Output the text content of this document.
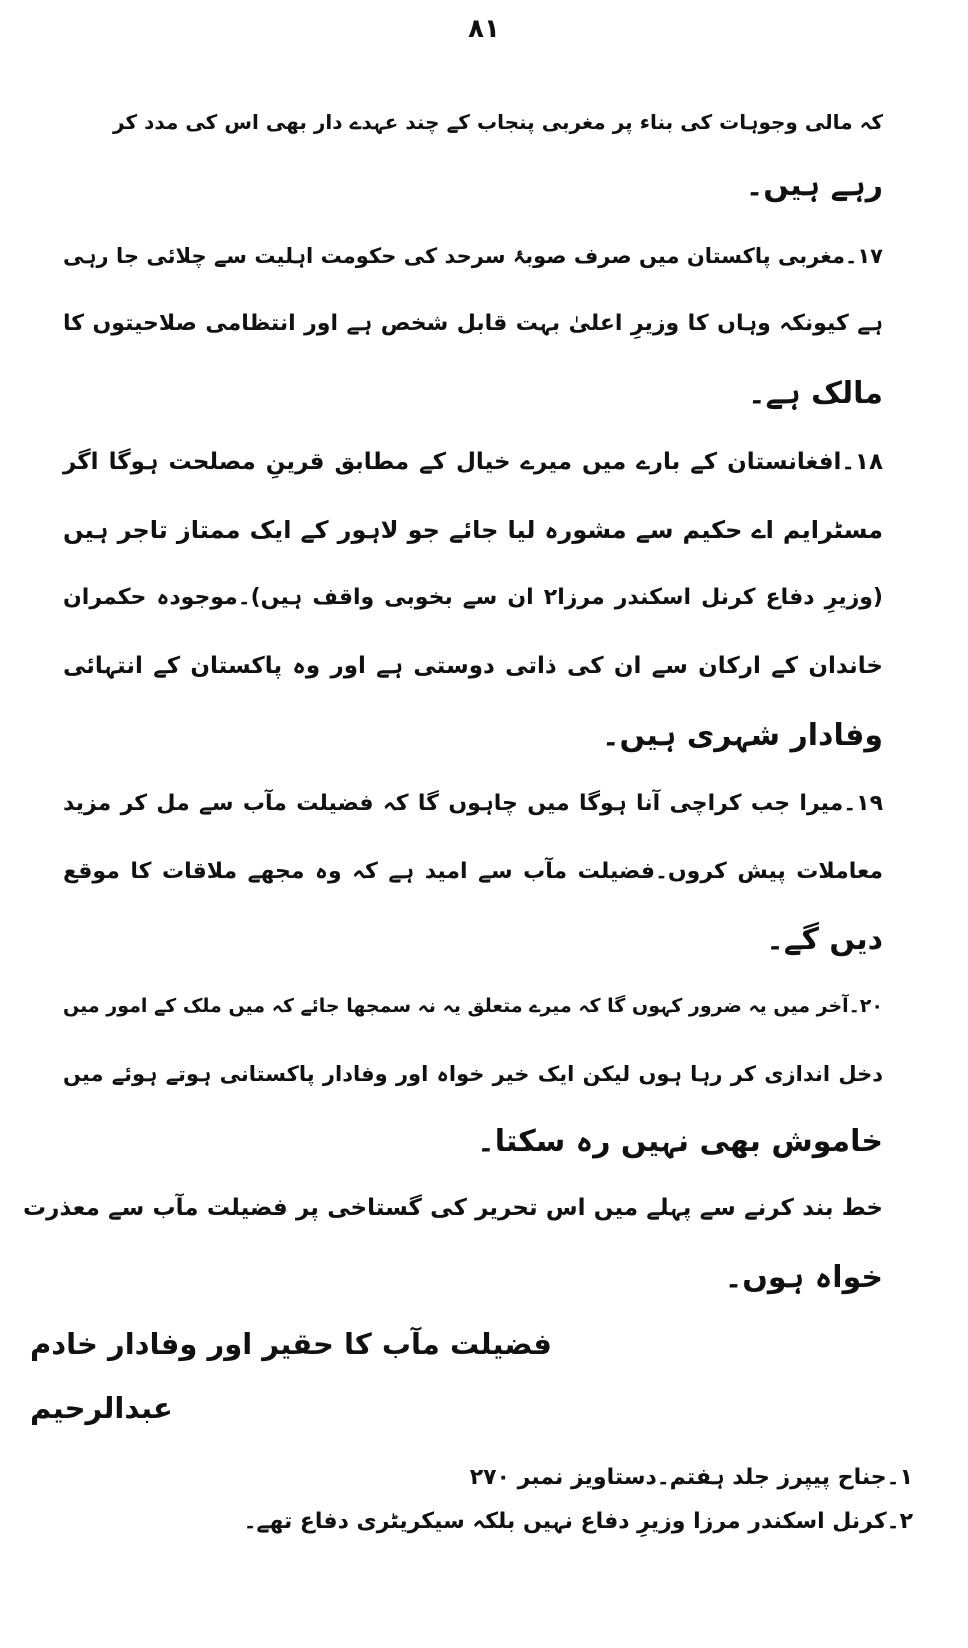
۸۱
کہ مالی وجوہات کی بناء پر مغربی پنجاب کے چند عہدے دار بھی اس کی مدد کر
رہے ہیں۔
۱۷۔مغربی پاکستان میں صرف صوبۂ سرحد کی حکومت اہلیت سے چلائی جا رہی
ہے کیونکہ وہاں کا وزیرِ اعلیٰ بہت قابل شخص ہے اور انتظامی صلاحیتوں کا
مالک ہے۔
۱۸۔افغانستان کے بارے میں میرے خیال کے مطابق قرینِ مصلحت ہوگا اگر
مسٹرایم اے حکیم سے مشورہ لیا جائے جو لاہور کے ایک ممتاز تاجر ہیں
(وزیرِ دفاع کرنل اسکندر مرزا۲ ان سے بخوبی واقف ہیں)۔موجودہ حکمران
خاندان کے ارکان سے ان کی ذاتی دوستی ہے اور وہ پاکستان کے انتہائی
وفادار شہری ہیں۔
۱۹۔میرا جب کراچی آنا ہوگا میں چاہوں گا کہ فضیلت مآب سے مل کر مزید
معاملات پیش کروں۔فضیلت مآب سے امید ہے کہ وہ مجھے ملاقات کا موقع
دیں گے۔
۲۰۔آخر میں یہ ضرور کہوں گا کہ میرے متعلق یہ نہ سمجھا جائے کہ میں ملک کے امور میں
دخل اندازی کر رہا ہوں لیکن ایک خیر خواہ اور وفادار پاکستانی ہوتے ہوئے میں
خاموش بھی نہیں رہ سکتا۔
خط بند کرنے سے پہلے میں اس تحریر کی گستاخی پر فضیلت مآب سے معذرت
خواہ ہوں۔
فضیلت مآب کا حقیر اور وفادار خادم
عبدالرحیم
۱۔جناح پیپرز جلد ہفتم۔دستاویز نمبر ۲۷۰
۲۔کرنل اسکندر مرزا وزیرِ دفاع نہیں بلکہ سیکریٹری دفاع تھے۔
